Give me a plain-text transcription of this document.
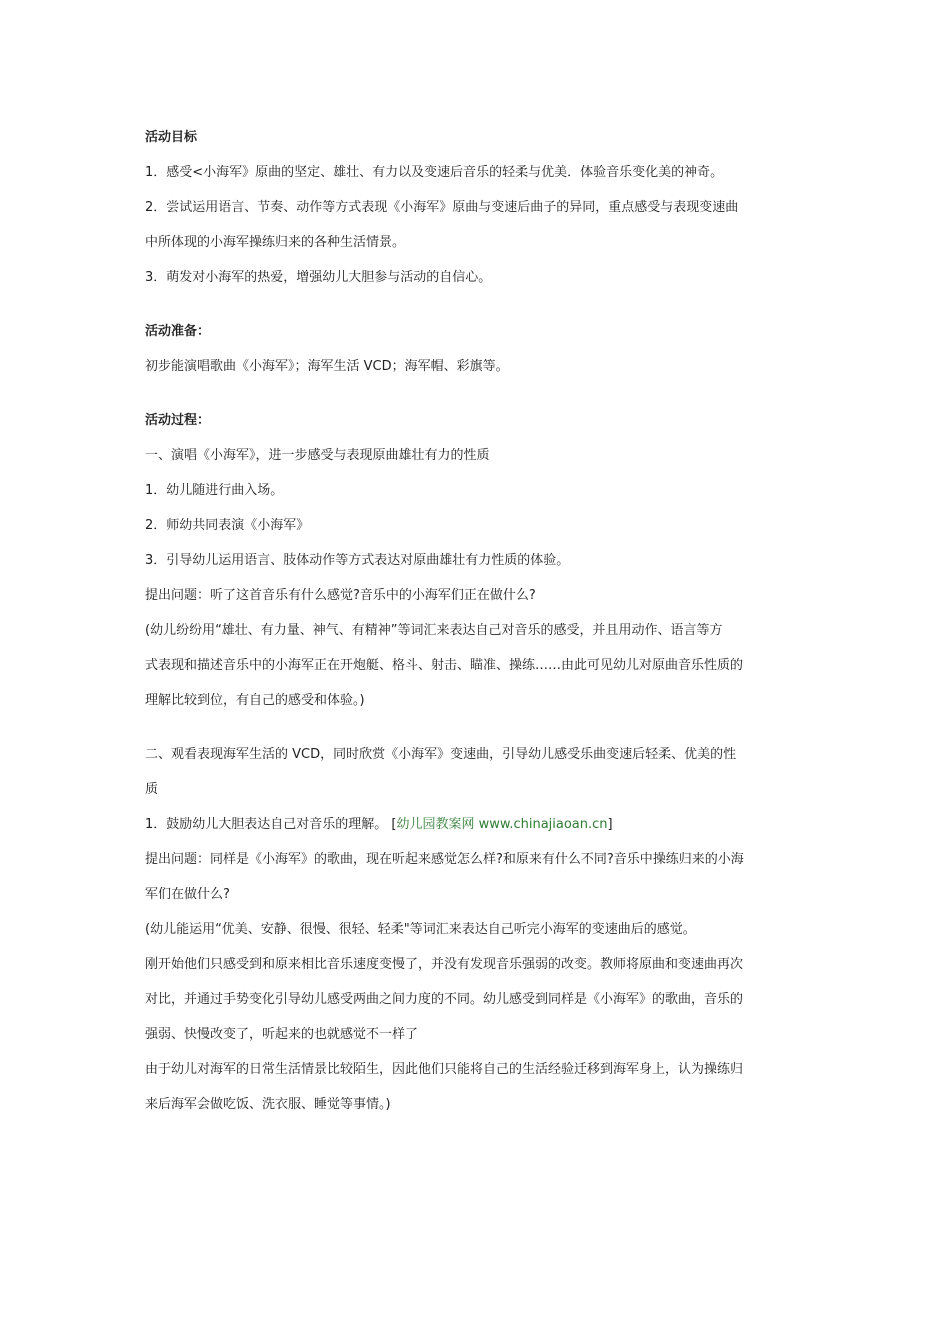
活动目标
1．感受<小海军》原曲的坚定、雄壮、有力以及变速后音乐的轻柔与优美．体验音乐变化美的神奇。
2．尝试运用语言、节奏、动作等方式表现《小海军》原曲与变速后曲子的异同，重点感受与表现变速曲
中所体现的小海军操练归来的各种生活情景。
3．萌发对小海军的热爱，增强幼儿大胆参与活动的自信心。
活动准备：
初步能演唱歌曲《小海军》；海军生活 VCD；海军帽、彩旗等。
活动过程：
一、演唱《小海军》，进一步感受与表现原曲雄壮有力的性质
1．幼儿随进行曲入场。
2．师幼共同表演《小海军》
3．引导幼儿运用语言、肢体动作等方式表达对原曲雄壮有力性质的体验。
提出问题：听了这首音乐有什么感觉?音乐中的小海军们正在做什么?
(幼儿纷纷用“雄壮、有力量、神气、有精神”等词汇来表达自己对音乐的感受，并且用动作、语言等方
式表现和描述音乐中的小海军正在开炮艇、格斗、射击、瞄准、操练……由此可见幼儿对原曲音乐性质的
理解比较到位，有自己的感受和体验。)
二、观看表现海军生活的 VCD，同时欣赏《小海军》变速曲，引导幼儿感受乐曲变速后轻柔、优美的性
质
1．鼓励幼儿大胆表达自己对音乐的理解。 [幼儿园教案网 www.chinajiaoan.cn]
提出问题：同样是《小海军》的歌曲，现在听起来感觉怎么样?和原来有什么不同?音乐中操练归来的小海
军们在做什么?
(幼儿能运用“优美、安静、很慢、很轻、轻柔"等词汇来表达自己听完小海军的变速曲后的感觉。
刚开始他们只感受到和原来相比音乐速度变慢了，并没有发现音乐强弱的改变。教师将原曲和变速曲再次
对比，并通过手势变化引导幼儿感受两曲之间力度的不同。幼儿感受到同样是《小海军》的歌曲，音乐的
强弱、快慢改变了，听起来的也就感觉不一样了
由于幼儿对海军的日常生活情景比较陌生，因此他们只能将自己的生活经验迁移到海军身上，认为操练归
来后海军会做吃饭、洗衣服、睡觉等事情。)
